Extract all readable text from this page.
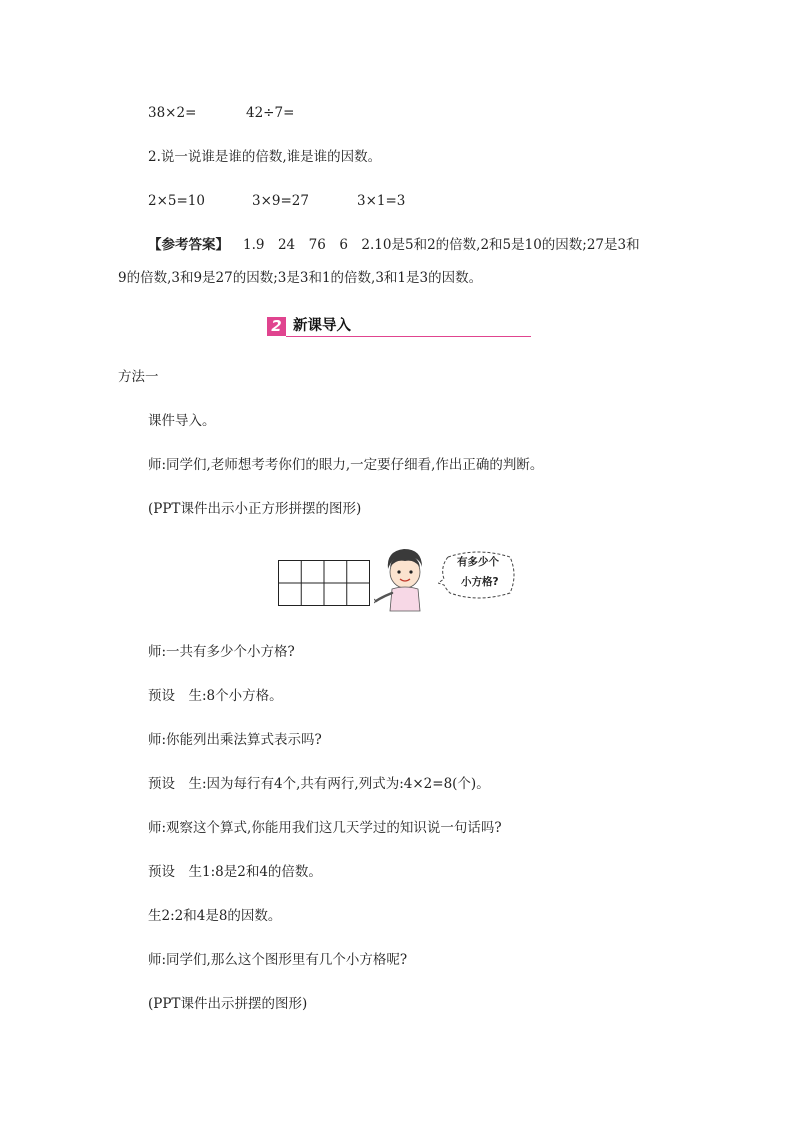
38×2=	42÷7=
2.说一说谁是谁的倍数,谁是谁的因数。
2×5=10	3×9=27	3×1=3
【参考答案】 1.9　24　76　6　2.10是5和2的倍数,2和5是10的因数;27是3和
9的倍数,3和9是27的因数;3是3和1的倍数,3和1是3的因数。
2 新课导入
方法一
课件导入。
师:同学们,老师想考考你们的眼力,一定要仔细看,作出正确的判断。
(PPT课件出示小正方形拼摆的图形)
有多少个
小方格?
师:一共有多少个小方格?
预设　生:8个小方格。
师:你能列出乘法算式表示吗?
预设　生:因为每行有4个,共有两行,列式为:4×2=8(个)。
师:观察这个算式,你能用我们这几天学过的知识说一句话吗?
预设　生1:8是2和4的倍数。
生2:2和4是8的因数。
师:同学们,那么这个图形里有几个小方格呢?
(PPT课件出示拼摆的图形)
